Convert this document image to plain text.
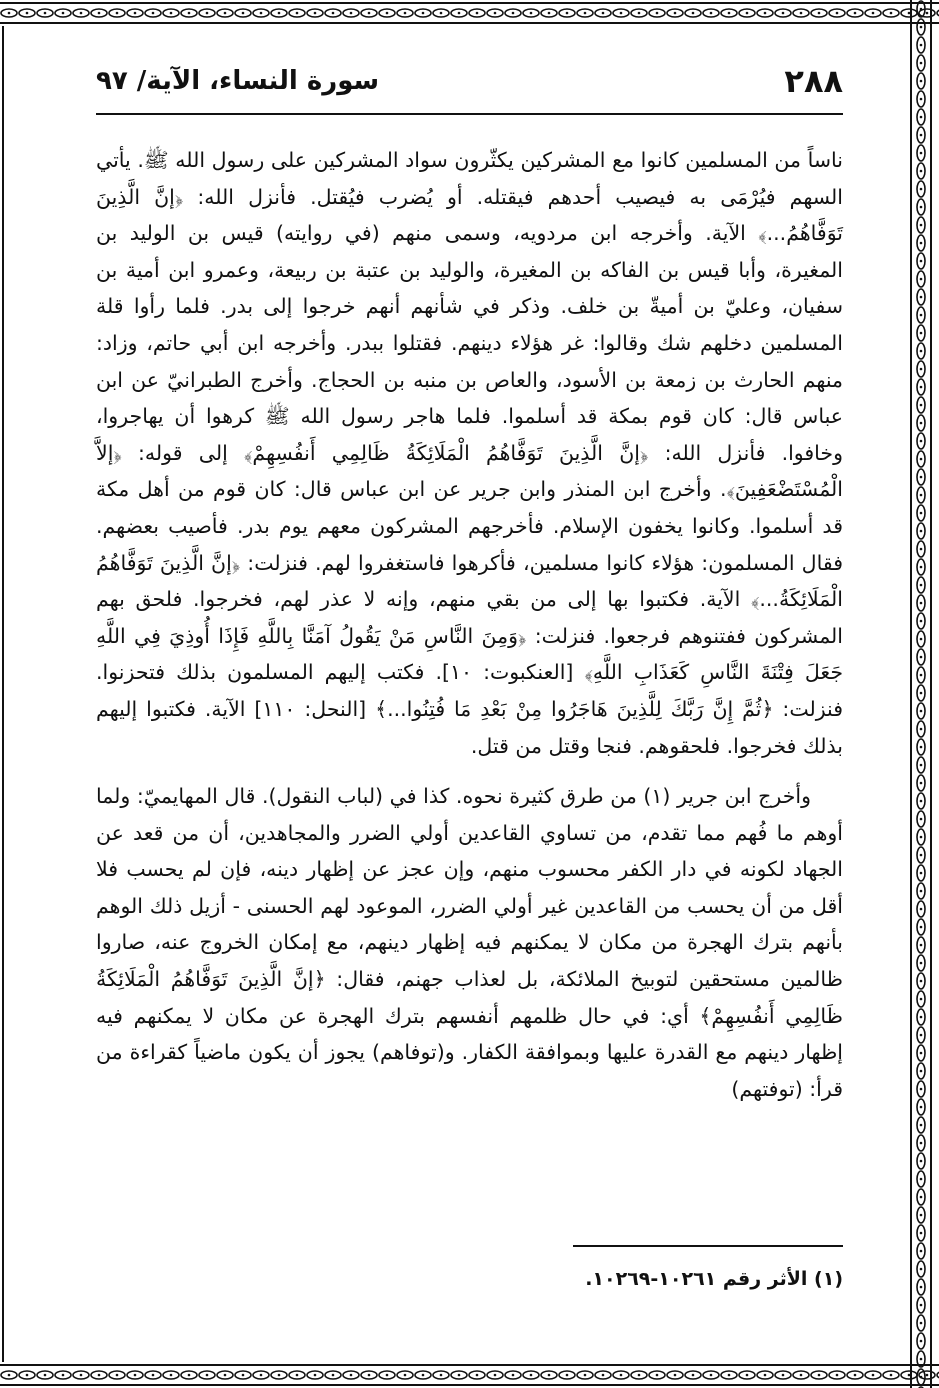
٢٨٨
سورة النساء، الآية/ ٩٧

ناساً من المسلمين كانوا مع المشركين يكثّرون سواد المشركين على رسول الله ﷺ. يأتي السهم فيُرْمَى به فيصيب أحدهم فيقتله. أو يُضرب فيُقتل. فأنزل الله: ﴿إنَّ الَّذِينَ تَوَفَّاهُمُ...﴾ الآية. وأخرجه ابن مردويه، وسمى منهم (في روايته) قيس بن الوليد بن المغيرة، وأبا قيس بن الفاكه بن المغيرة، والوليد بن عتبة بن ربيعة، وعمرو ابن أمية بن سفيان، وعليّ بن أميةّ بن خلف. وذكر في شأنهم أنهم خرجوا إلى بدر. فلما رأوا قلة المسلمين دخلهم شك وقالوا: غر هؤلاء دينهم. فقتلوا ببدر. وأخرجه ابن أبي حاتم، وزاد: منهم الحارث بن زمعة بن الأسود، والعاص بن منبه بن الحجاج. وأخرج الطبرانيّ عن ابن عباس قال: كان قوم بمكة قد أسلموا. فلما هاجر رسول الله ﷺ كرهوا أن يهاجروا، وخافوا. فأنزل الله: ﴿إنَّ الَّذِينَ تَوَفَّاهُمُ الْمَلَائِكَةُ ظَالِمِي أَنفُسِهِمْ﴾ إلى قوله: ﴿إلاَّ الْمُسْتَضْعَفِينَ﴾. وأخرج ابن المنذر وابن جرير عن ابن عباس قال: كان قوم من أهل مكة قد أسلموا. وكانوا يخفون الإسلام. فأخرجهم المشركون معهم يوم بدر. فأصيب بعضهم. فقال المسلمون: هؤلاء كانوا مسلمين، فأكرهوا فاستغفروا لهم. فنزلت: ﴿إنَّ الَّذِينَ تَوَفَّاهُمُ الْمَلَائِكَةُ...﴾ الآية. فكتبوا بها إلى من بقي منهم، وإنه لا عذر لهم، فخرجوا. فلحق بهم المشركون ففتنوهم فرجعوا. فنزلت: ﴿وَمِنَ النَّاسِ مَنْ يَقُولُ آمَنَّا بِاللَّهِ فَإِذَا أُوذِيَ فِي اللَّهِ جَعَلَ فِتْنَةَ النَّاسِ كَعَذَابِ اللَّهِ﴾ [العنكبوت: ١٠]. فكتب إليهم المسلمون بذلك فتحزنوا. فنزلت: ﴿ثُمَّ إِنَّ رَبَّكَ لِلَّذِينَ هَاجَرُوا مِنْ بَعْدِ مَا فُتِنُوا...﴾ [النحل: ١١٠] الآية. فكتبوا إليهم بذلك فخرجوا. فلحقوهم. فنجا وقتل من قتل.

وأخرج ابن جرير (١) من طرق كثيرة نحوه. كذا في (لباب النقول). قال المهايميّ: ولما أوهم ما فُهم مما تقدم، من تساوي القاعدين أولي الضرر والمجاهدين، أن من قعد عن الجهاد لكونه في دار الكفر محسوب منهم، وإن عجز عن إظهار دينه، فإن لم يحسب فلا أقل من أن يحسب من القاعدين غير أولي الضرر، الموعود لهم الحسنى - أزيل ذلك الوهم بأنهم بترك الهجرة من مكان لا يمكنهم فيه إظهار دينهم، مع إمكان الخروج عنه، صاروا ظالمين مستحقين لتوبيخ الملائكة، بل لعذاب جهنم، فقال: ﴿إنَّ الَّذِينَ تَوَفَّاهُمُ الْمَلَائِكَةُ ظَالِمِي أَنفُسِهِمْ﴾ أي: في حال ظلمهم أنفسهم بترك الهجرة عن مكان لا يمكنهم فيه إظهار دينهم مع القدرة عليها وبموافقة الكفار. و(توفاهم) يجوز أن يكون ماضياً كقراءة من قرأ: (توفتهم)

(١) الأثر رقم ١٠٢٦١-١٠٢٦٩.
